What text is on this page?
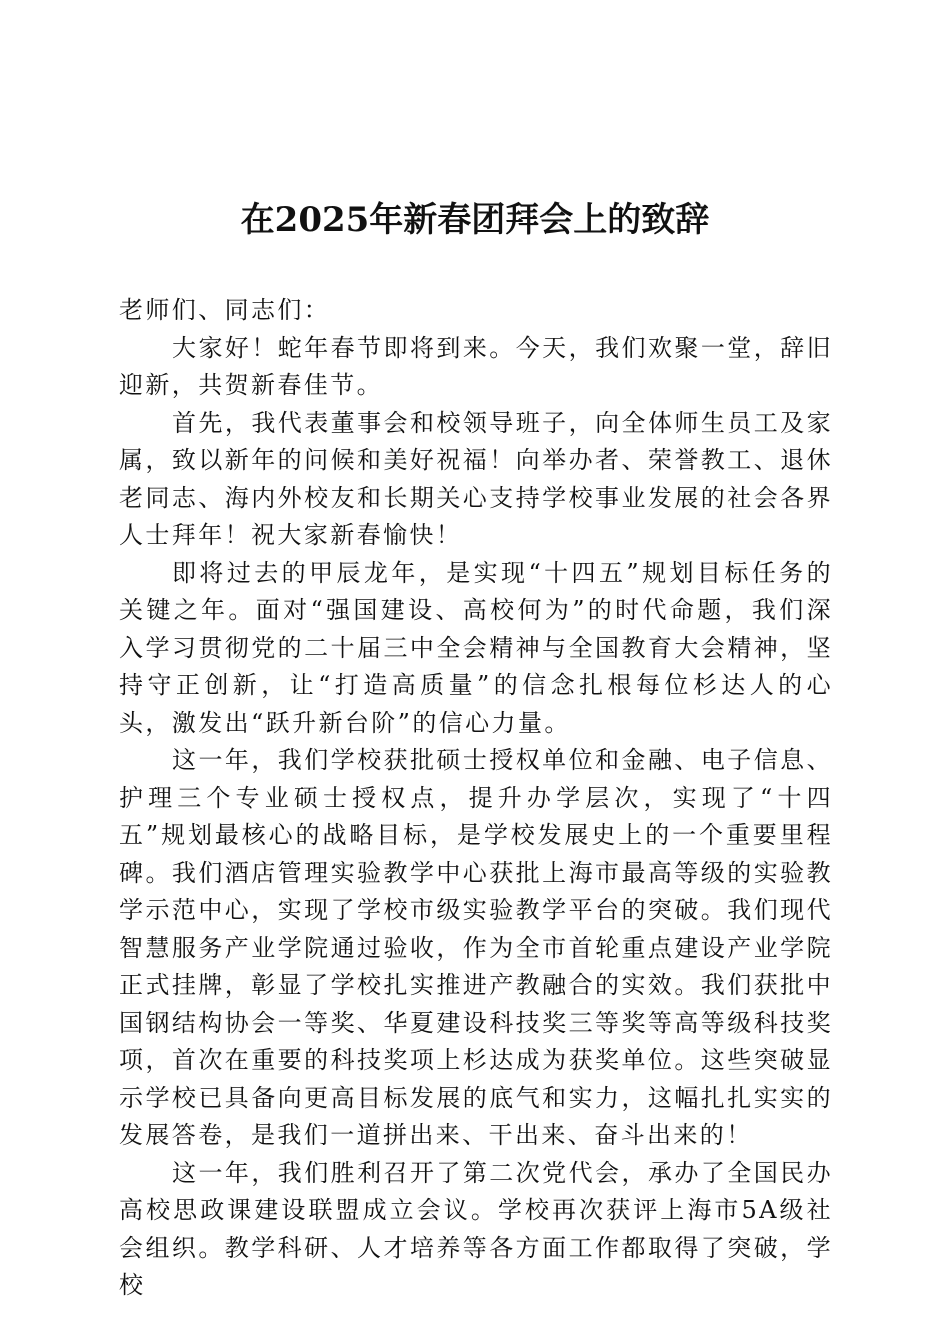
在2025年新春团拜会上的致辞

老师们、同志们：

大家好！蛇年春节即将到来。今天，我们欢聚一堂，辞旧迎新，共贺新春佳节。

首先，我代表董事会和校领导班子，向全体师生员工及家属，致以新年的问候和美好祝福！向举办者、荣誉教工、退休老同志、海内外校友和长期关心支持学校事业发展的社会各界人士拜年！祝大家新春愉快！

即将过去的甲辰龙年，是实现“十四五”规划目标任务的关键之年。面对“强国建设、高校何为”的时代命题，我们深入学习贯彻党的二十届三中全会精神与全国教育大会精神，坚持守正创新，让“打造高质量”的信念扎根每位杉达人的心头，激发出“跃升新台阶”的信心力量。

这一年，我们学校获批硕士授权单位和金融、电子信息、护理三个专业硕士授权点，提升办学层次，实现了“十四五”规划最核心的战略目标，是学校发展史上的一个重要里程碑。我们酒店管理实验教学中心获批上海市最高等级的实验教学示范中心，实现了学校市级实验教学平台的突破。我们现代智慧服务产业学院通过验收，作为全市首轮重点建设产业学院正式挂牌，彰显了学校扎实推进产教融合的实效。我们获批中国钢结构协会一等奖、华夏建设科技奖三等奖等高等级科技奖项，首次在重要的科技奖项上杉达成为获奖单位。这些突破显示学校已具备向更高目标发展的底气和实力，这幅扎扎实实的发展答卷，是我们一道拼出来、干出来、奋斗出来的！

这一年，我们胜利召开了第二次党代会，承办了全国民办高校思政课建设联盟成立会议。学校再次获评上海市5A级社会组织。教学科研、人才培养等各方面工作都取得了突破，学校
